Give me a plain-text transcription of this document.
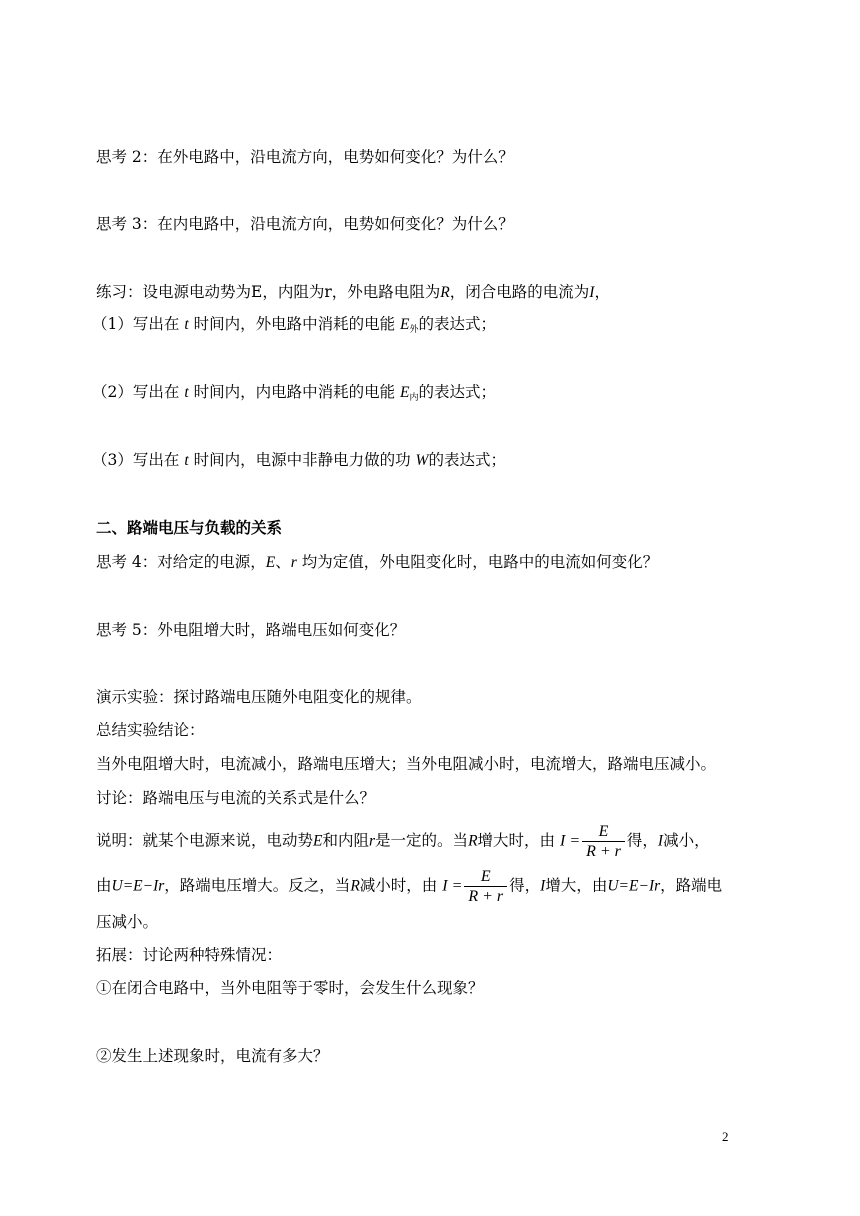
思考 2：在外电路中，沿电流方向，电势如何变化？为什么？
思考 3：在内电路中，沿电流方向，电势如何变化？为什么？
练习：设电源电动势为E，内阻为r，外电路电阻为R，闭合电路的电流为I，
（1）写出在 t 时间内，外电路中消耗的电能 $E_外$的表达式；
（2）写出在 t 时间内，内电路中消耗的电能 $E_内$的表达式；
（3）写出在 t 时间内，电源中非静电力做的功 W的表达式；
二、路端电压与负载的关系
思考 4：对给定的电源，E、r 均为定值，外电阻变化时，电路中的电流如何变化？
思考 5：外电阻增大时，路端电压如何变化？
演示实验：探讨路端电压随外电阻变化的规律。
总结实验结论：
当外电阻增大时，电流减小，路端电压增大；当外电阻减小时，电流增大，路端电压减小。
讨论：路端电压与电流的关系式是什么？
说明：就某个电源来说，电动势E和内阻r是一定的。当R增大时，由 $I = \frac{E}{R + r}$ 得，I减小，
由U=E−Ir，路端电压增大。反之，当R减小时，由 $I = \frac{E}{R + r}$ 得，I增大，由U=E−Ir，路端电
压减小。
拓展：讨论两种特殊情况：
①在闭合电路中，当外电阻等于零时，会发生什么现象？
②发生上述现象时，电流有多大？
2
